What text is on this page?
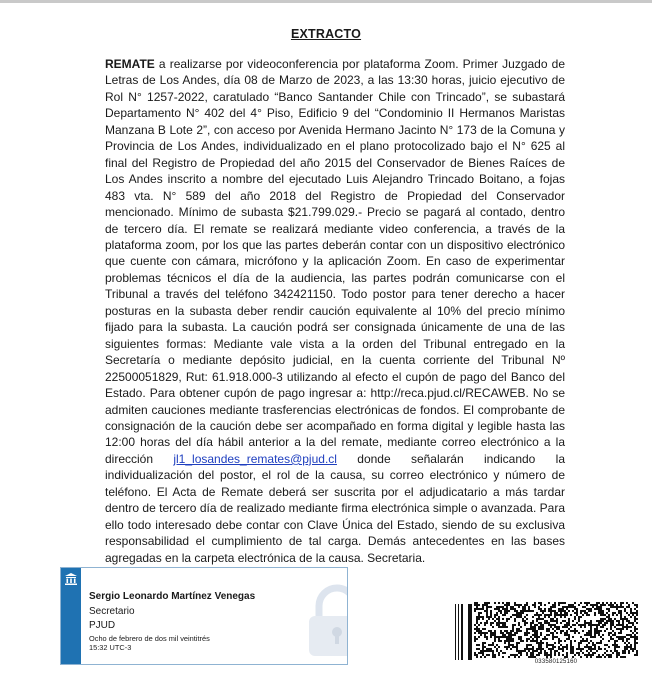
EXTRACTO

REMATE a realizarse por videoconferencia por plataforma Zoom. Primer Juzgado de Letras de Los Andes, día 08 de Marzo de 2023, a las 13:30 horas, juicio ejecutivo de Rol N° 1257-2022, caratulado “Banco Santander Chile con Trincado”, se subastará Departamento N° 402 del 4° Piso, Edificio 9 del “Condominio II Hermanos Maristas Manzana B Lote 2”, con acceso por Avenida Hermano Jacinto N° 173 de la Comuna y Provincia de Los Andes, individualizado en el plano protocolizado bajo el N° 625 al final del Registro de Propiedad del año 2015 del Conservador de Bienes Raíces de Los Andes inscrito a nombre del ejecutado Luis Alejandro Trincado Boitano, a fojas 483 vta. N° 589 del año 2018 del Registro de Propiedad del Conservador mencionado. Mínimo de subasta $21.799.029.- Precio se pagará al contado, dentro de tercero día. El remate se realizará mediante video conferencia, a través de la plataforma zoom, por los que las partes deberán contar con un dispositivo electrónico que cuente con cámara, micrófono y la aplicación Zoom. En caso de experimentar problemas técnicos el día de la audiencia, las partes podrán comunicarse con el Tribunal a través del teléfono 342421150. Todo postor para tener derecho a hacer posturas en la subasta deber rendir caución equivalente al 10% del precio mínimo fijado para la subasta. La caución podrá ser consignada únicamente de una de las siguientes formas: Mediante vale vista a la orden del Tribunal entregado en la Secretaría o mediante depósito judicial, en la cuenta corriente del Tribunal Nº 22500051829, Rut: 61.918.000-3 utilizando al efecto el cupón de pago del Banco del Estado. Para obtener cupón de pago ingresar a: http://reca.pjud.cl/RECAWEB. No se admiten cauciones mediante trasferencias electrónicas de fondos. El comprobante de consignación de la caución debe ser acompañado en forma digital y legible hasta las 12:00 horas del día hábil anterior a la del remate, mediante correo electrónico a la dirección jl1_losandes_remates@pjud.cl donde señalarán indicando la individualización del postor, el rol de la causa, su correo electrónico y número de teléfono. El Acta de Remate deberá ser suscrita por el adjudicatario a más tardar dentro de tercero día de realizado mediante firma electrónica simple o avanzada. Para ello todo interesado debe contar con Clave Única del Estado, siendo de su exclusiva responsabilidad el cumplimiento de tal carga. Demás antecedentes en las bases agregadas en la carpeta electrónica de la causa. Secretaria.

Sergio Leonardo Martínez Venegas
Secretario
PJUD
Ocho de febrero de dos mil veintitrés
15:32 UTC-3
033580125160
